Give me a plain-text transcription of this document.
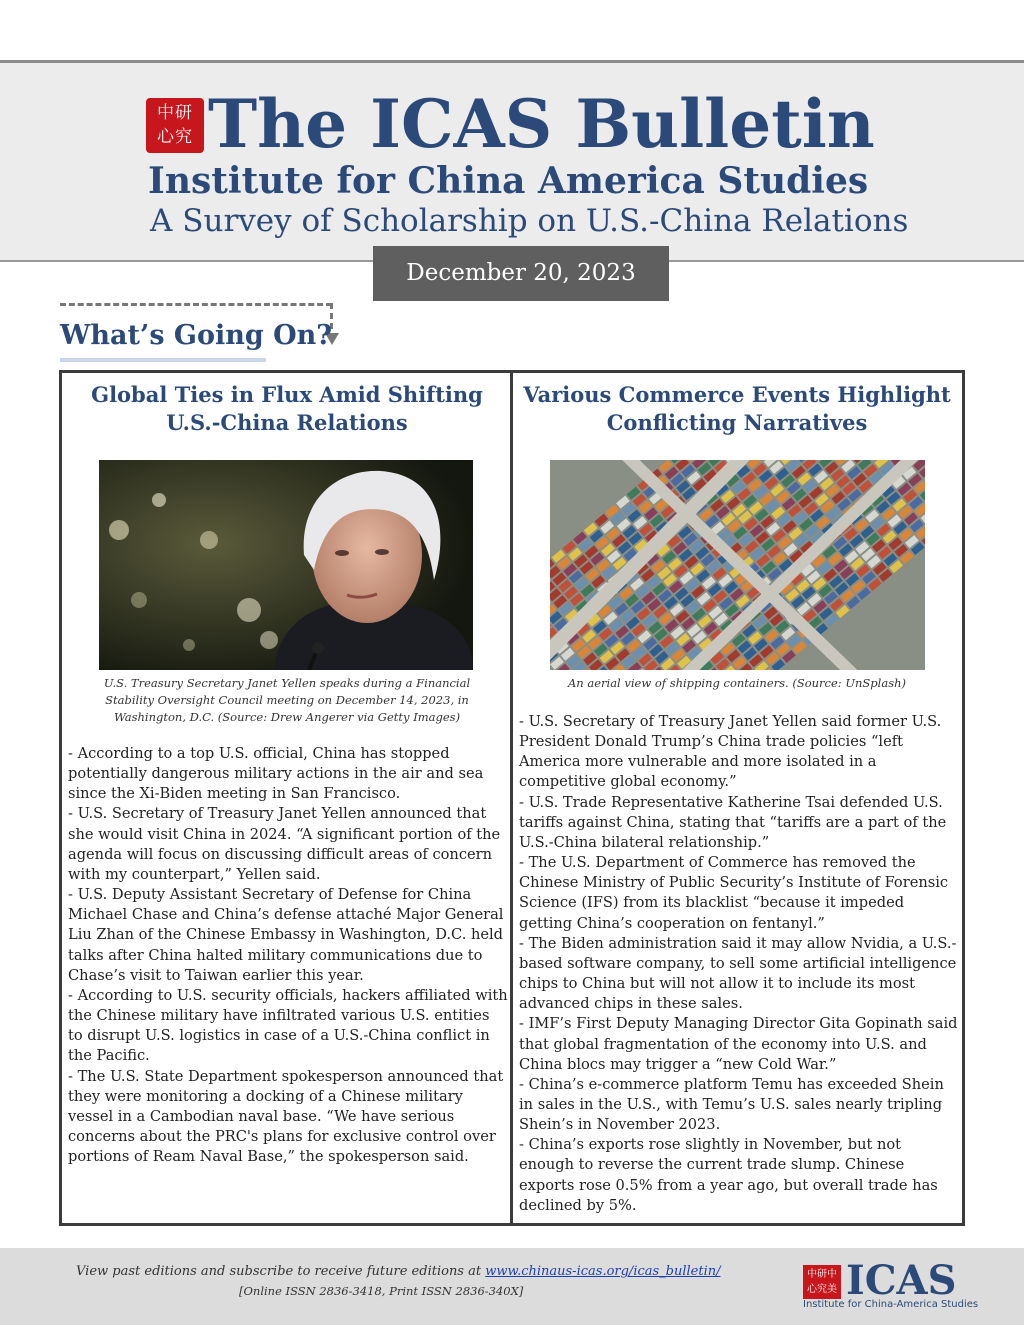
中研
心究 The ICAS Bulletin
Institute for China America Studies
A Survey of Scholarship on U.S.-China Relations
December 20, 2023
What’s Going On?
Global Ties in Flux Amid Shifting U.S.-China Relations
U.S. Treasury Secretary Janet Yellen speaks during a Financial Stability Oversight Council meeting on December 14, 2023, in Washington, D.C. (Source: Drew Angerer via Getty Images)

- According to a top U.S. official, China has stopped potentially dangerous military actions in the air and sea since the Xi-Biden meeting in San Francisco.

- U.S. Secretary of Treasury Janet Yellen announced that she would visit China in 2024. “A significant portion of the agenda will focus on discussing difficult areas of concern with my counterpart,” Yellen said.

- U.S. Deputy Assistant Secretary of Defense for China Michael Chase and China’s defense attaché Major General Liu Zhan of the Chinese Embassy in Washington, D.C. held talks after China halted military communications due to Chase’s visit to Taiwan earlier this year.

- According to U.S. security officials, hackers affiliated with the Chinese military have infiltrated various U.S. entities to disrupt U.S. logistics in case of a U.S.-China conflict in the Pacific.

- The U.S. State Department spokesperson announced that they were monitoring a docking of a Chinese military vessel in a Cambodian naval base. “We have serious concerns about the PRC's plans for exclusive control over portions of Ream Naval Base,” the spokesperson said.

Various Commerce Events Highlight Conflicting Narratives
An aerial view of shipping containers. (Source: UnSplash)

- U.S. Secretary of Treasury Janet Yellen said former U.S. President Donald Trump’s China trade policies “left America more vulnerable and more isolated in a competitive global economy.”

- U.S. Trade Representative Katherine Tsai defended U.S. tariffs against China, stating that “tariffs are a part of the U.S.-China bilateral relationship.”

- The U.S. Department of Commerce has removed the Chinese Ministry of Public Security’s Institute of Forensic Science (IFS) from its blacklist “because it impeded getting China’s cooperation on fentanyl.”

- The Biden administration said it may allow Nvidia, a U.S.-based software company, to sell some artificial intelligence chips to China but will not allow it to include its most advanced chips in these sales.

- IMF’s First Deputy Managing Director Gita Gopinath said that global fragmentation of the economy into U.S. and China blocs may trigger a “new Cold War.”

- China’s e-commerce platform Temu has exceeded Shein in sales in the U.S., with Temu’s U.S. sales nearly tripling Shein’s in November 2023.

- China’s exports rose slightly in November, but not enough to reverse the current trade slump. Chinese exports rose 0.5% from a year ago, but overall trade has declined by 5%.

View past editions and subscribe to receive future editions at www.chinaus-icas.org/icas_bulletin/
[Online ISSN 2836-3418, Print ISSN 2836-340X]
中研中
心究美 ICAS
Institute for China-America Studies
